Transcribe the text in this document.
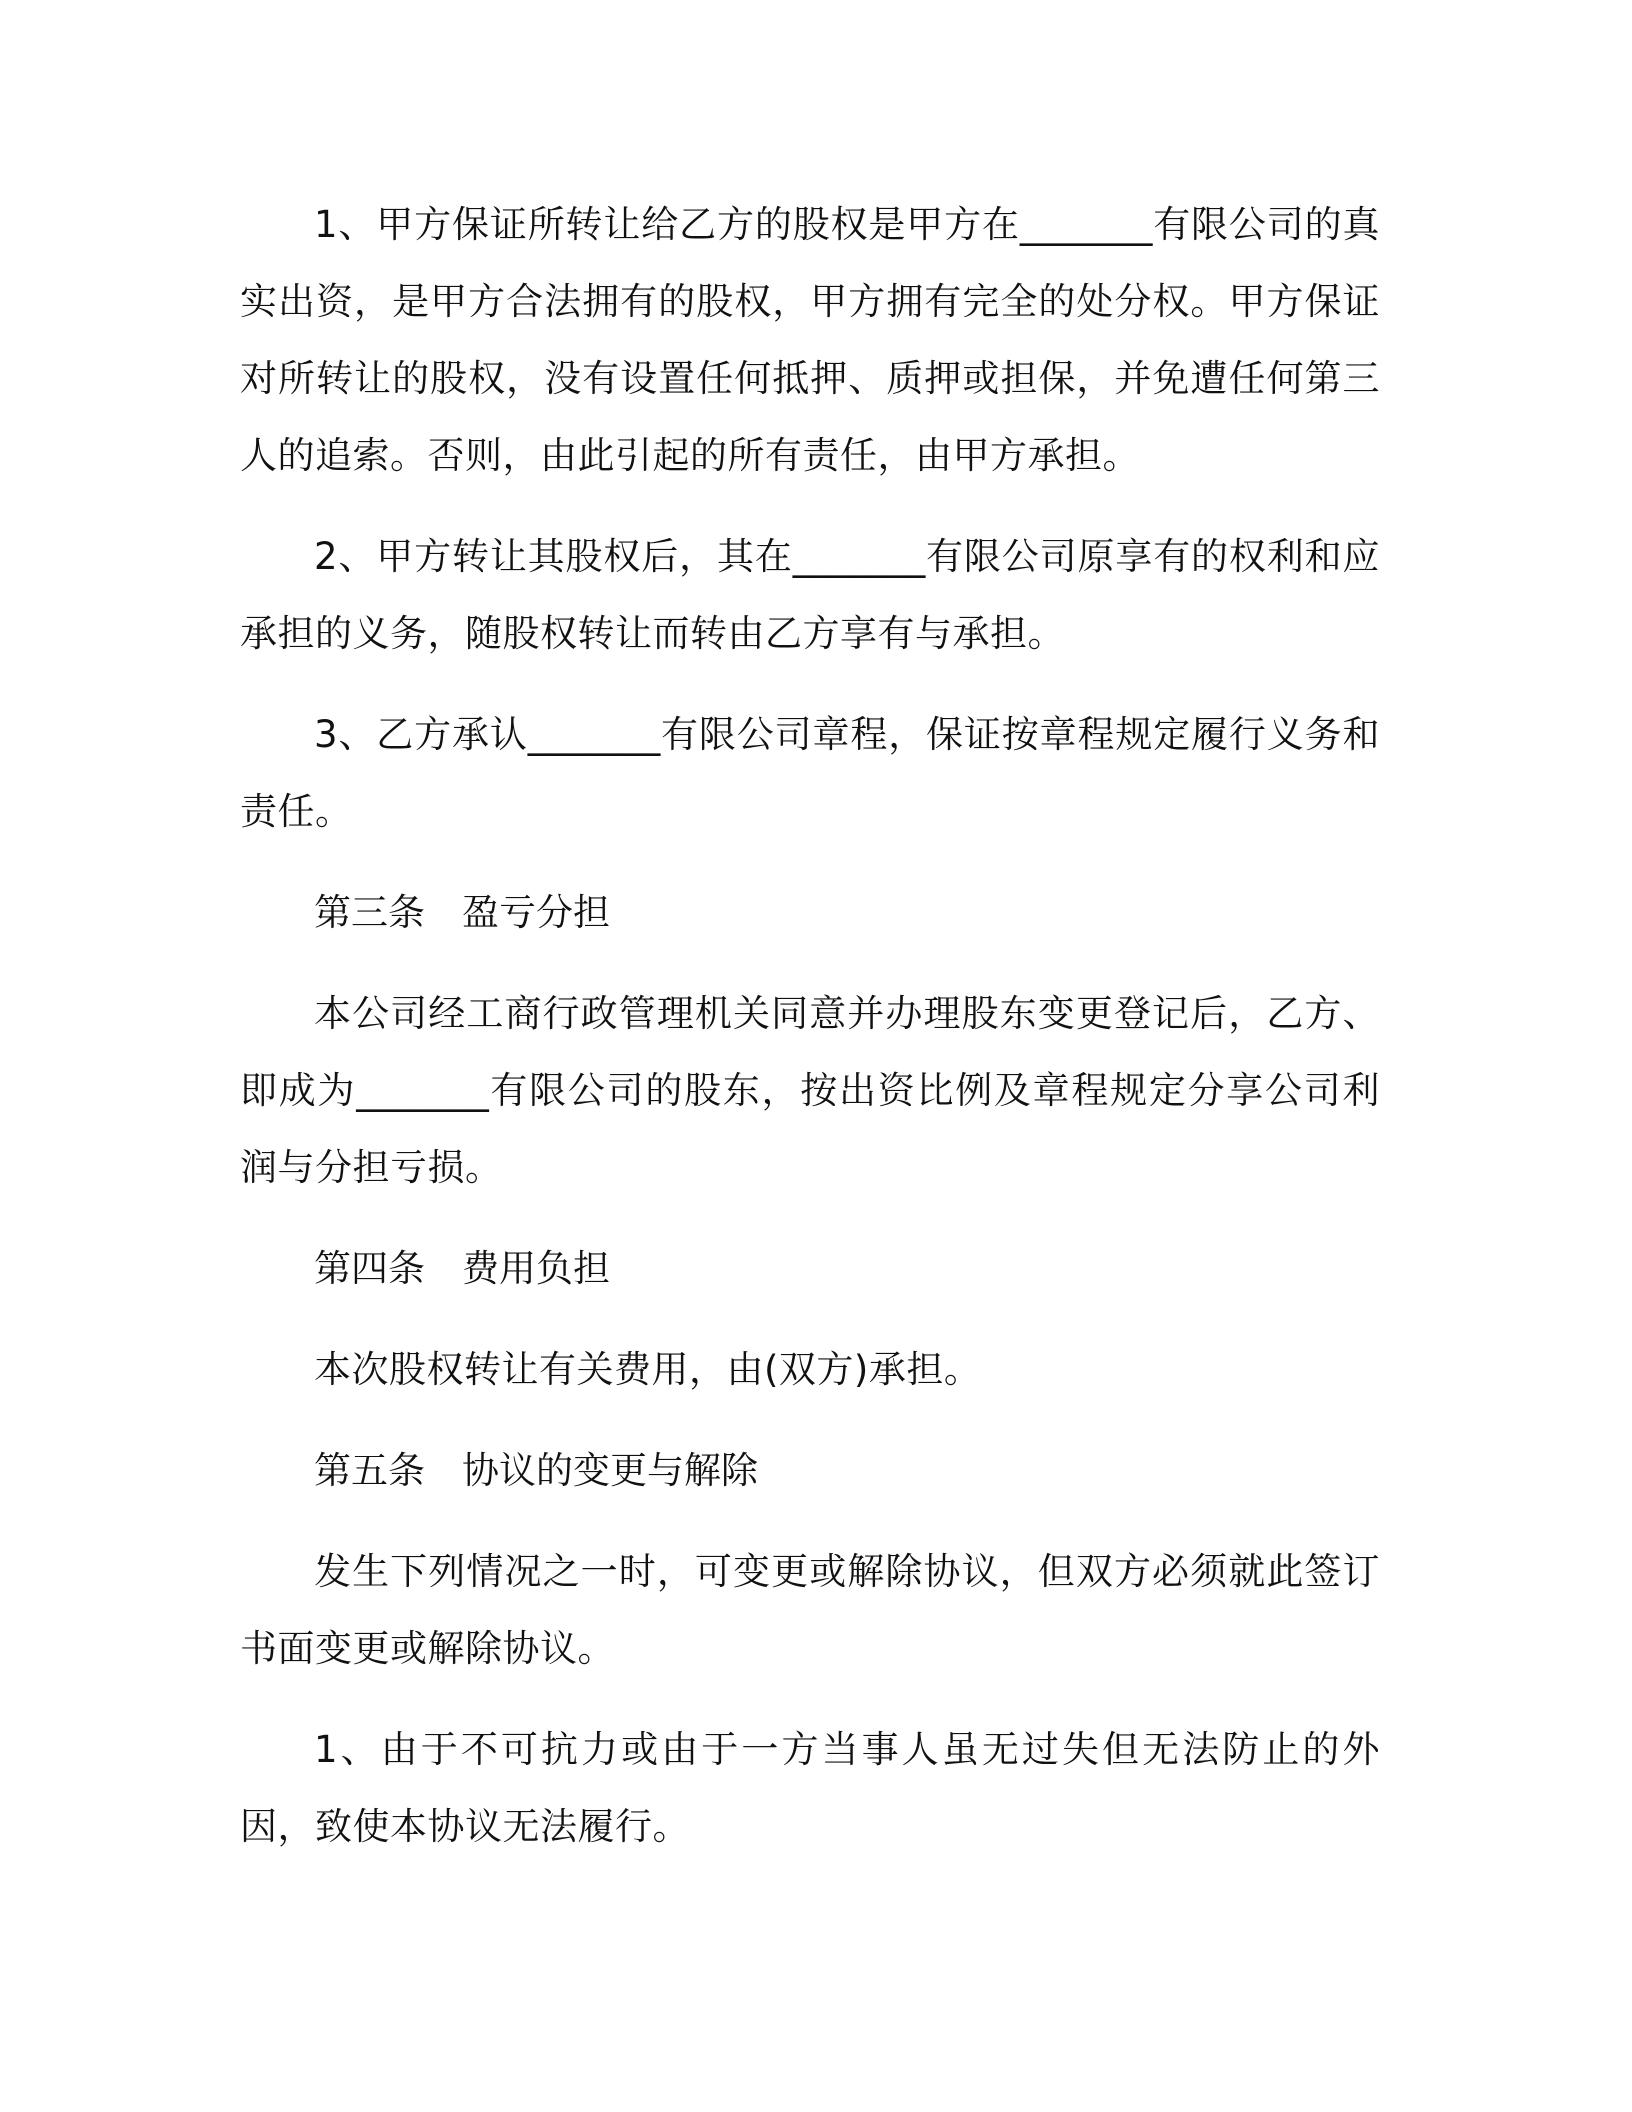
1、甲方保证所转让给乙方的股权是甲方在_______有限公司的真实出资，是甲方合法拥有的股权，甲方拥有完全的处分权。甲方保证对所转让的股权，没有设置任何抵押、质押或担保，并免遭任何第三人的追索。否则，由此引起的所有责任，由甲方承担。

2、甲方转让其股权后，其在_______有限公司原享有的权利和应承担的义务，随股权转让而转由乙方享有与承担。

3、乙方承认_______有限公司章程，保证按章程规定履行义务和责任。

第三条　盈亏分担

本公司经工商行政管理机关同意并办理股东变更登记后，乙方、即成为_______有限公司的股东，按出资比例及章程规定分享公司利润与分担亏损。

第四条　费用负担

本次股权转让有关费用，由(双方)承担。

第五条　协议的变更与解除

发生下列情况之一时，可变更或解除协议，但双方必须就此签订书面变更或解除协议。

1、由于不可抗力或由于一方当事人虽无过失但无法防止的外因，致使本协议无法履行。
